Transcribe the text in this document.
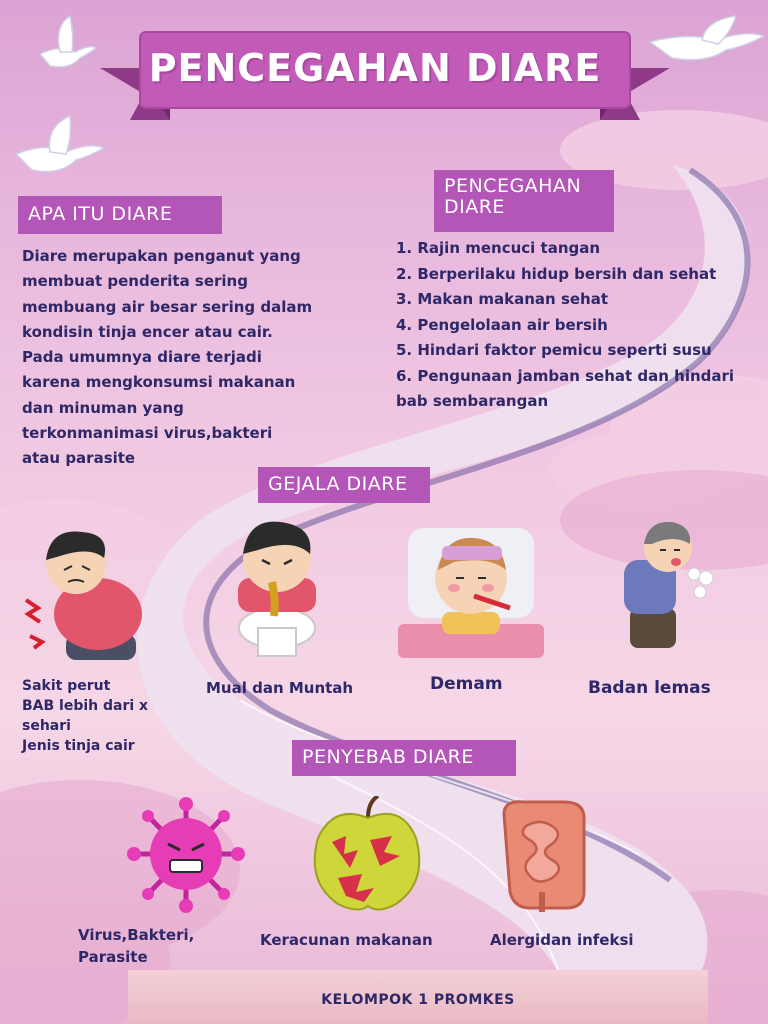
PENCEGAHAN DIARE
APA ITU DIARE
Diare merupakan penganut yang
membuat penderita sering
membuang air besar sering dalam
kondisin tinja encer atau cair.
Pada umumnya diare terjadi
karena mengkonsumsi makanan
dan minuman yang
terkonmanimasi virus,bakteri
atau parasite
PENCEGAHAN
DIARE
1. Rajin mencuci tangan
2. Berperilaku hidup bersih dan sehat
3. Makan makanan sehat
4. Pengelolaan air bersih
5. Hindari faktor pemicu seperti susu
6. Pengunaan jamban sehat dan hindari bab sembarangan
GEJALA DIARE
Sakit perut
BAB lebih dari x
sehari
Jenis tinja cair
Mual dan Muntah	Demam	Badan lemas
PENYEBAB DIARE
Virus,Bakteri,
Parasite
Keracunan makanan	Alergidan infeksi
KELOMPOK 1 PROMKES
